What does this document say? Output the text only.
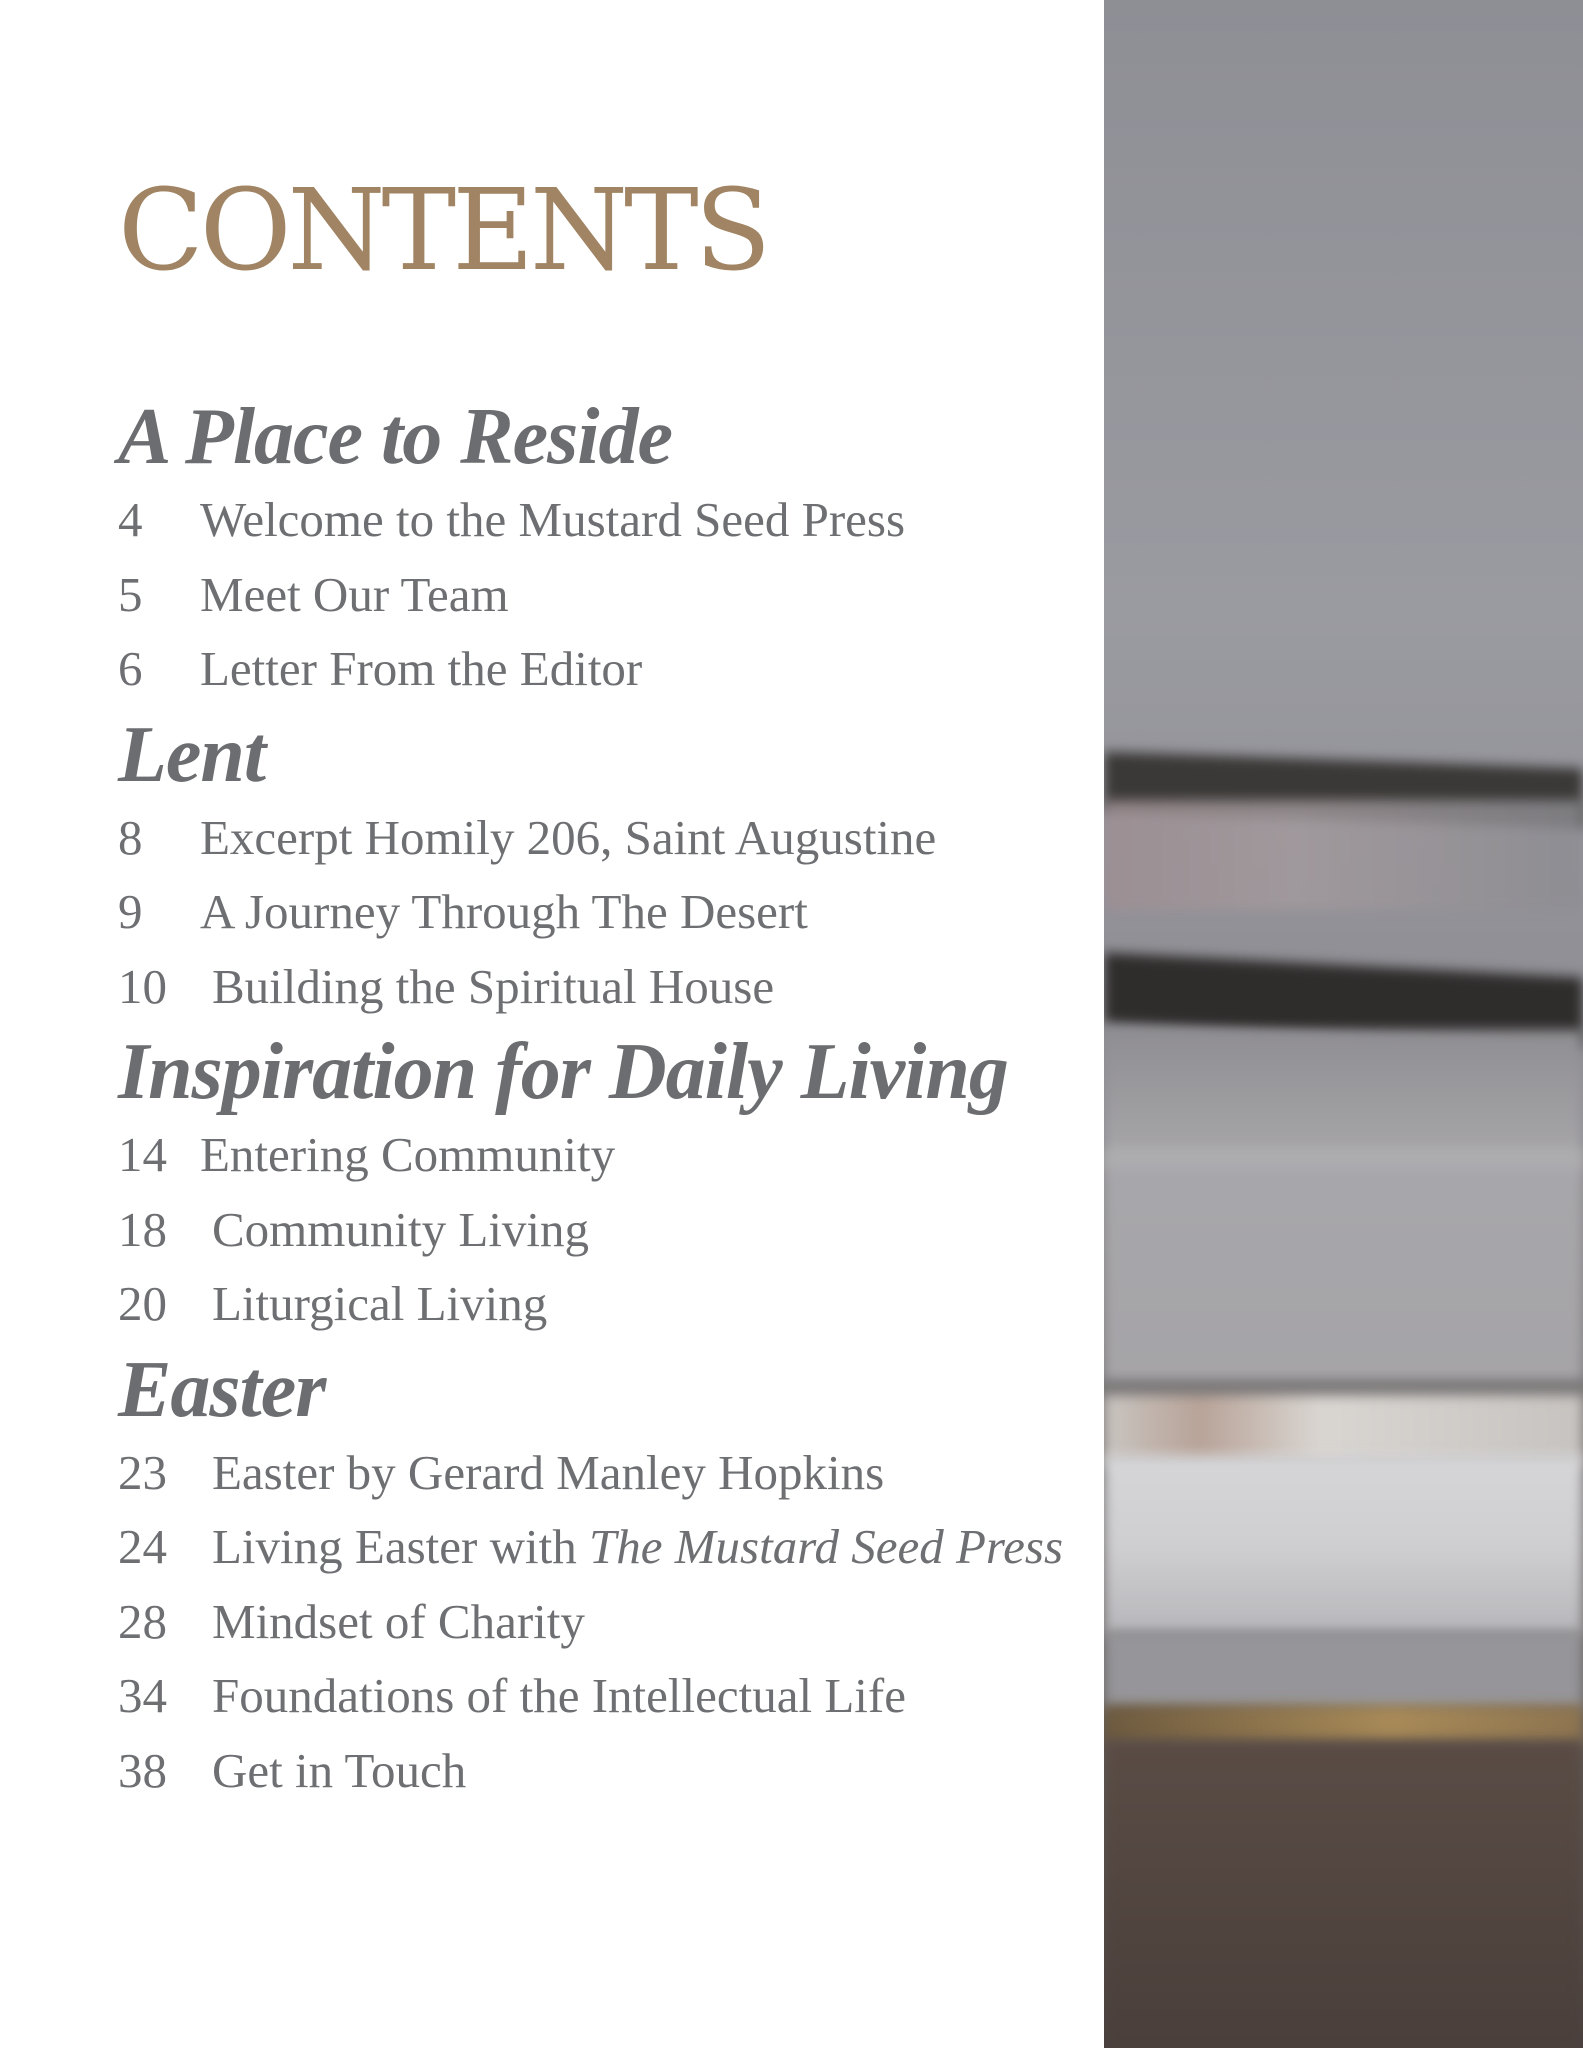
CONTENTS
A Place to Reside
4 Welcome to the Mustard Seed Press
5 Meet Our Team
6 Letter From the Editor
Lent
8 Excerpt Homily 206, Saint Augustine
9 A Journey Through The Desert
10 Building the Spiritual House
Inspiration for Daily Living
14 Entering Community
18 Community Living
20 Liturgical Living
Easter
23 Easter by Gerard Manley Hopkins
24 Living Easter with The Mustard Seed Press
28 Mindset of Charity
34 Foundations of the Intellectual Life
38 Get in Touch
